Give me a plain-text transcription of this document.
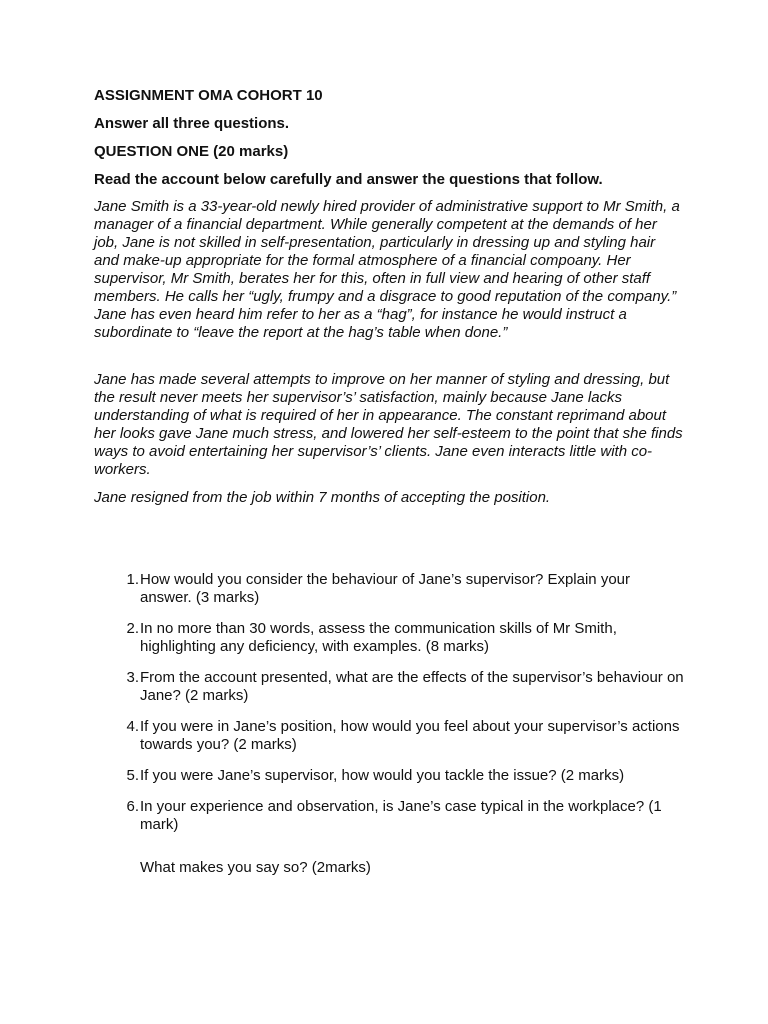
ASSIGNMENT OMA COHORT 10
Answer all three questions.
QUESTION ONE (20 marks)
Read the account below carefully and answer the questions that follow.

Jane Smith is a 33-year-old newly hired provider of administrative support to Mr Smith, a manager of a financial department. While generally competent at the demands of her job, Jane is not skilled in self-presentation, particularly in dressing up and styling hair and make-up appropriate for the formal atmosphere of a financial compoany. Her supervisor, Mr Smith, berates her for this, often in full view and hearing of other staff members. He calls her “ugly, frumpy and a disgrace to good reputation of the company.” Jane has even heard him refer to her as a “hag”, for instance he would instruct a subordinate to “leave the report at the hag’s table when done.”

Jane has made several attempts to improve on her manner of styling and dressing, but the result never meets her supervisor’s’ satisfaction, mainly because Jane lacks understanding of what is required of her in appearance. The constant reprimand about her looks gave Jane much stress, and lowered her self-esteem to the point that she finds ways to avoid entertaining her supervisor’s’ clients. Jane even interacts little with co-workers.

Jane resigned from the job within 7 months of accepting the position.

1. How would you consider the behaviour of Jane’s supervisor? Explain your answer. (3 marks)
2. In no more than 30 words, assess the communication skills of Mr Smith, highlighting any deficiency, with examples. (8 marks)
3. From the account presented, what are the effects of the supervisor’s behaviour on Jane? (2 marks)
4. If you were in Jane’s position, how would you feel about your supervisor’s actions towards you? (2 marks)
5. If you were Jane’s supervisor, how would you tackle the issue? (2 marks)
6. In your experience and observation, is Jane’s case typical in the workplace? (1 mark)
What makes you say so? (2marks)
